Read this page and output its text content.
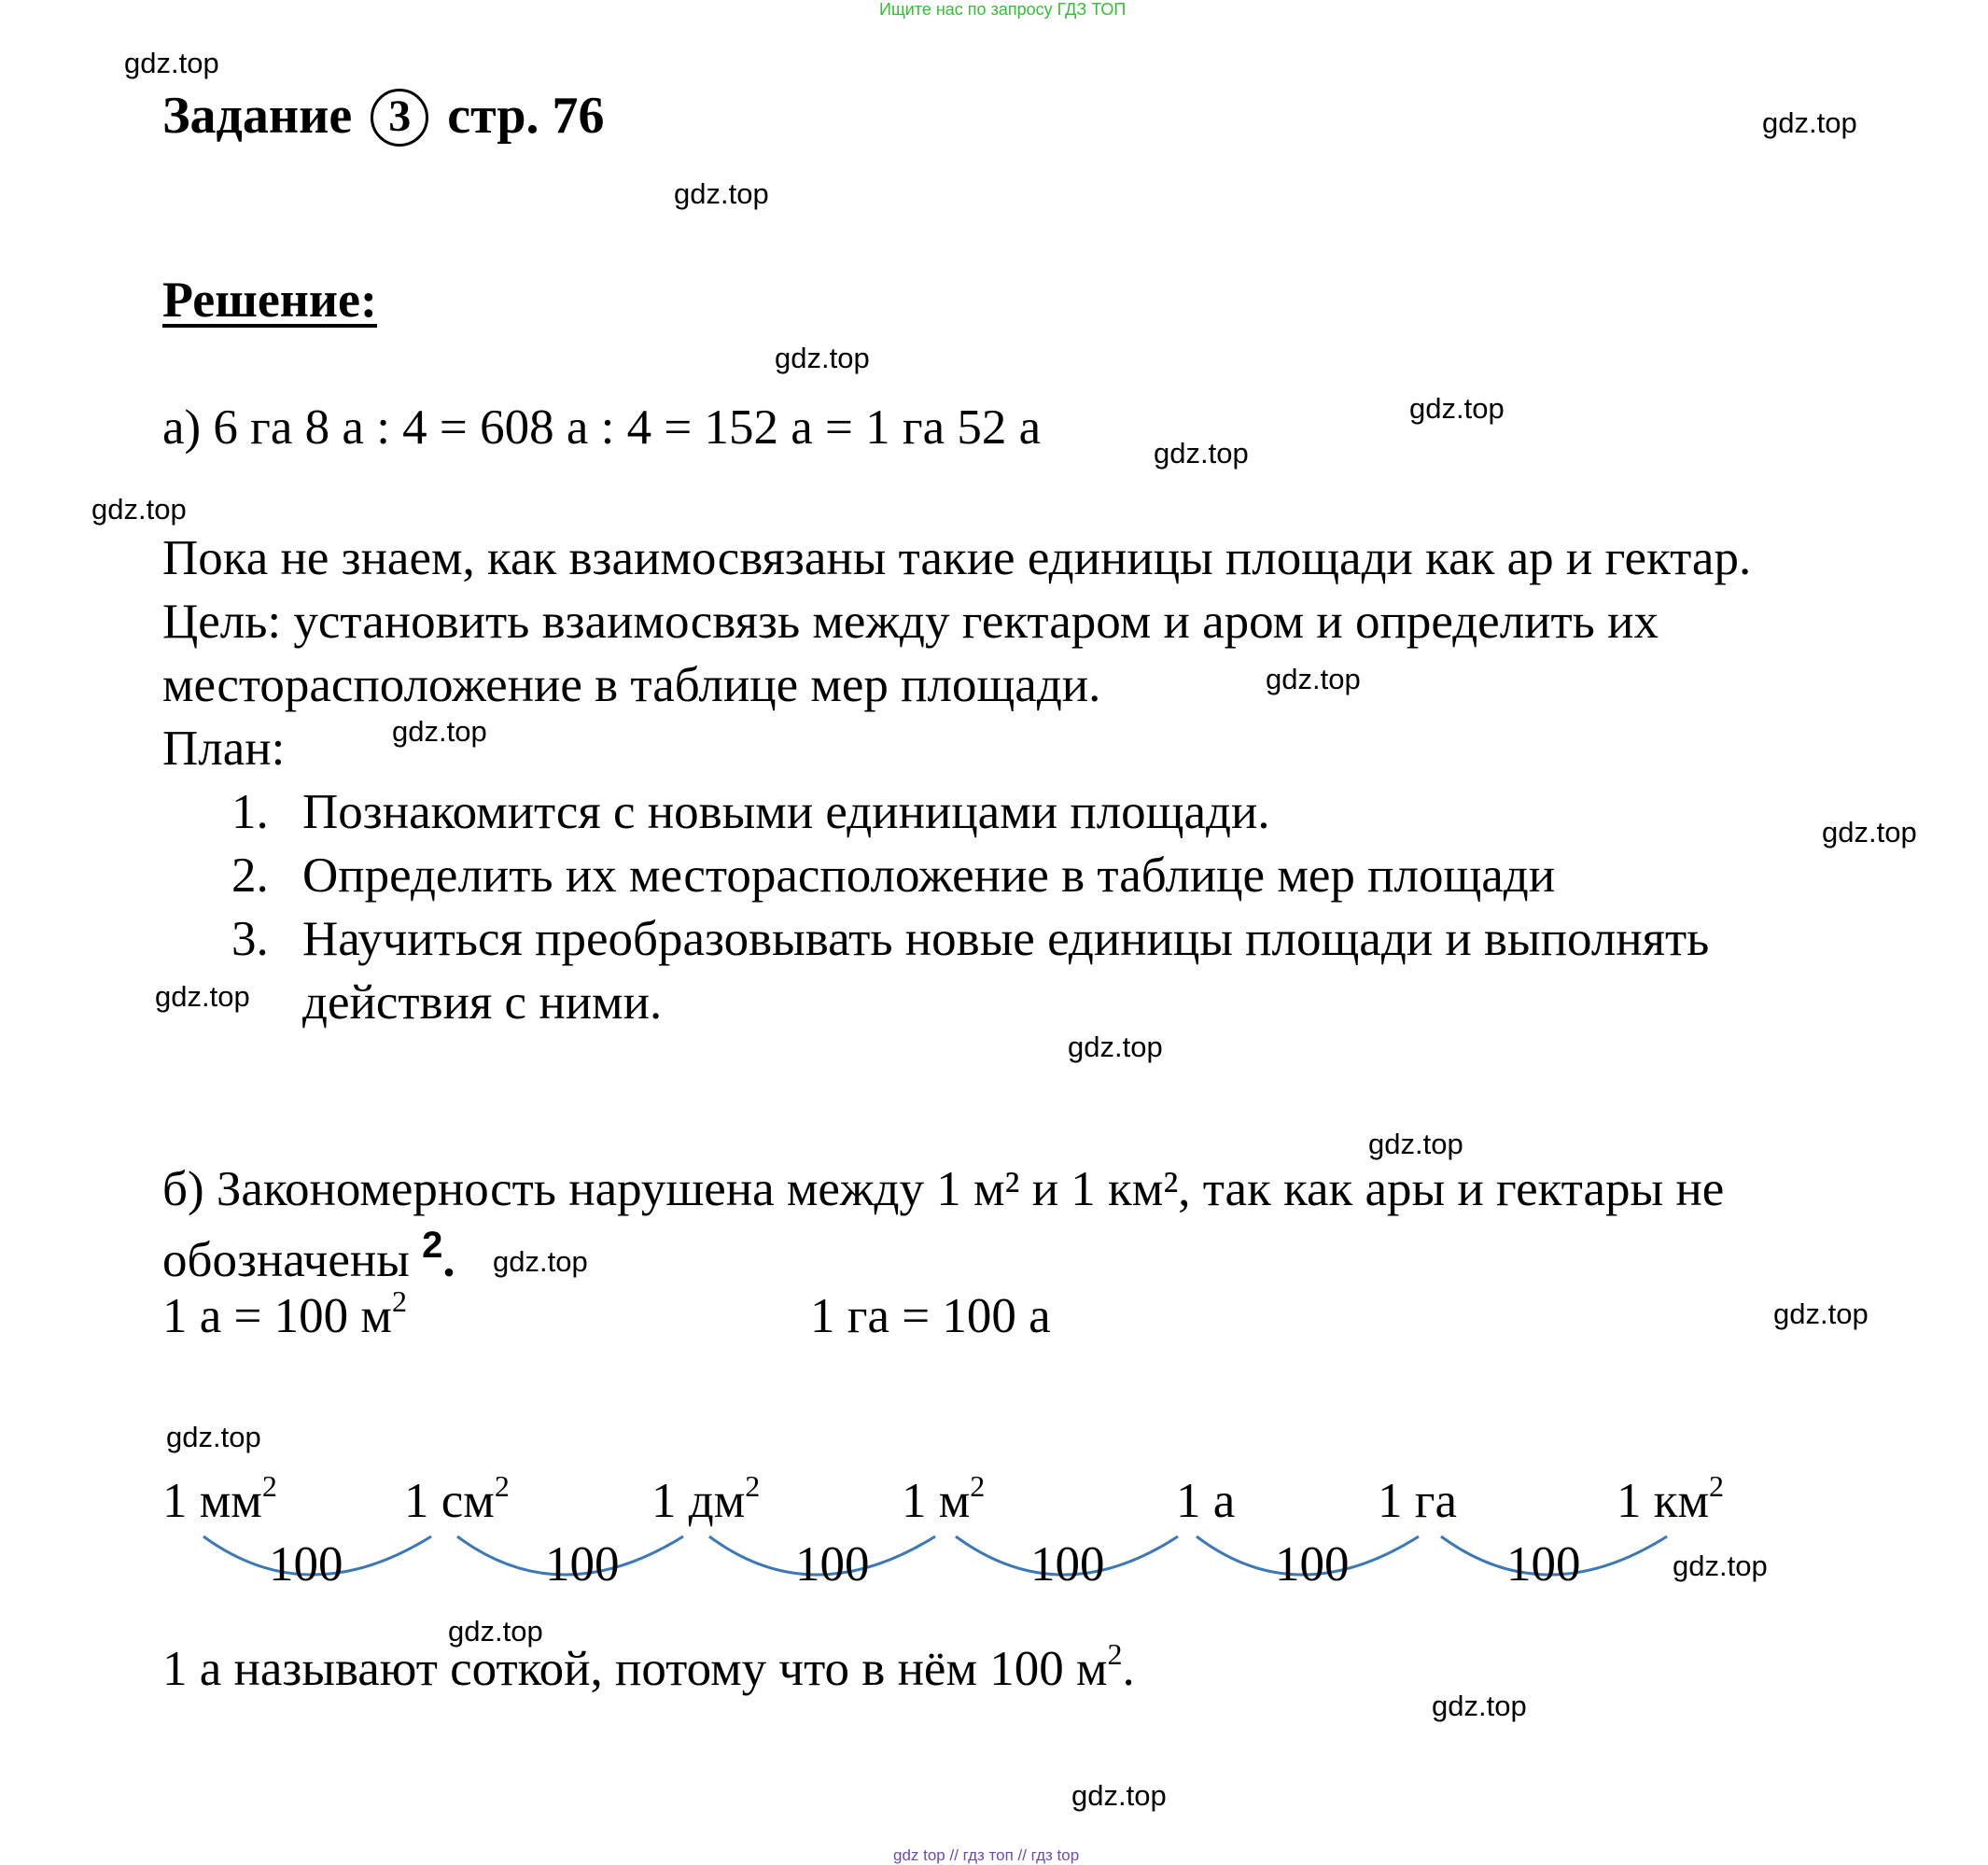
Ищите нас по запросу ГДЗ ТОП
gdz top // гдз топ // гдз top
Задание 3 стр. 76
Решение:
а) 6 га 8 а : 4 = 608 а : 4 = 152 а = 1 га 52 а
Пока не знаем, как взаимосвязаны такие единицы площади как ар и гектар.
Цель: установить взаимосвязь между гектаром и аром и определить их
месторасположение в таблице мер площади.
План:
1. Познакомится с новыми единицами площади.
2. Определить их месторасположение в таблице мер площади
3. Научиться преобразовывать новые единицы площади и выполнять
действия с ними.
б) Закономерность нарушена между 1 м² и 1 км², так как ары и гектары не
обозначены $^2$.
1 а = 100 $м^2$	1 га = 100 а
1 $мм^2$	1 $см^2$	1 $дм^2$	1 $м^2$	1 а	1 га	1 $км^2$
100	100	100	100	100	100
1 а называют соткой, потому что в нём 100 $м^2$.
gdz.top
gdz.top
gdz.top
gdz.top
gdz.top
gdz.top
gdz.top
gdz.top
gdz.top
gdz.top
gdz.top
gdz.top
gdz.top
gdz.top
gdz.top
gdz.top
gdz.top
gdz.top
gdz.top
gdz.top
